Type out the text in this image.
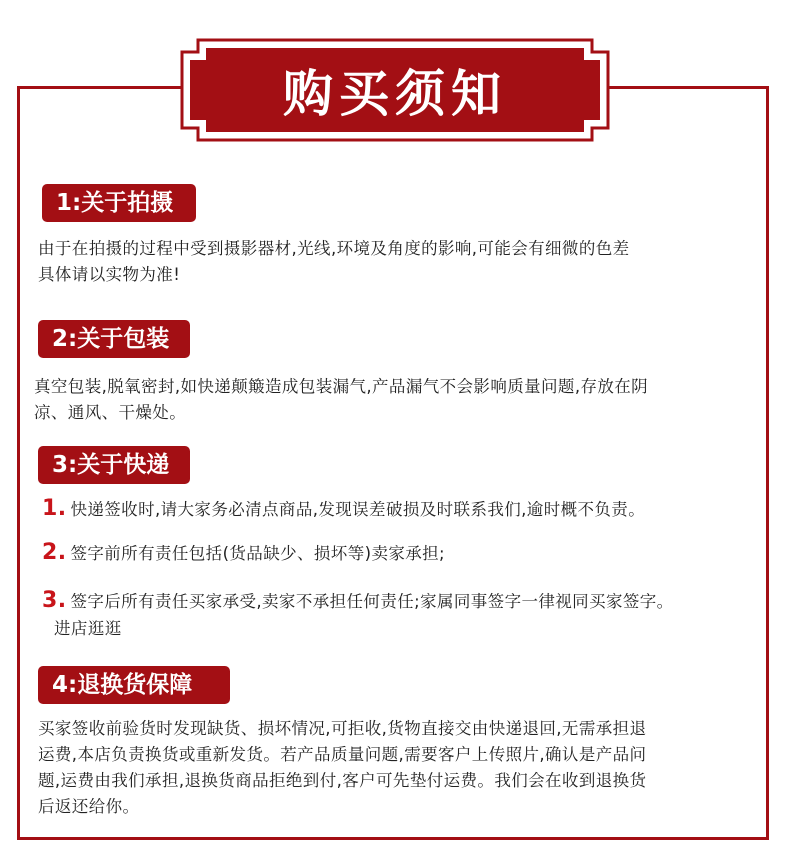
购买须知
1:关于拍摄
由于在拍摄的过程中受到摄影器材,光线,环境及角度的影响,可能会有细微的色差
具体请以实物为准!
2:关于包装
真空包装,脱氧密封,如快递颠簸造成包装漏气,产品漏气不会影响质量问题,存放在阴
凉、通风、干燥处。
3:关于快递
1. 快递签收时,请大家务必清点商品,发现误差破损及时联系我们,逾时概不负责。
2. 签字前所有责任包括(货品缺少、损坏等)卖家承担;
3. 签字后所有责任买家承受,卖家不承担任何责任;家属同事签字一律视同买家签字。
进店逛逛
4:退换货保障
买家签收前验货时发现缺货、损坏情况,可拒收,货物直接交由快递退回,无需承担退
运费,本店负责换货或重新发货。若产品质量问题,需要客户上传照片,确认是产品问
题,运费由我们承担,退换货商品拒绝到付,客户可先垫付运费。我们会在收到退换货
后返还给你。
